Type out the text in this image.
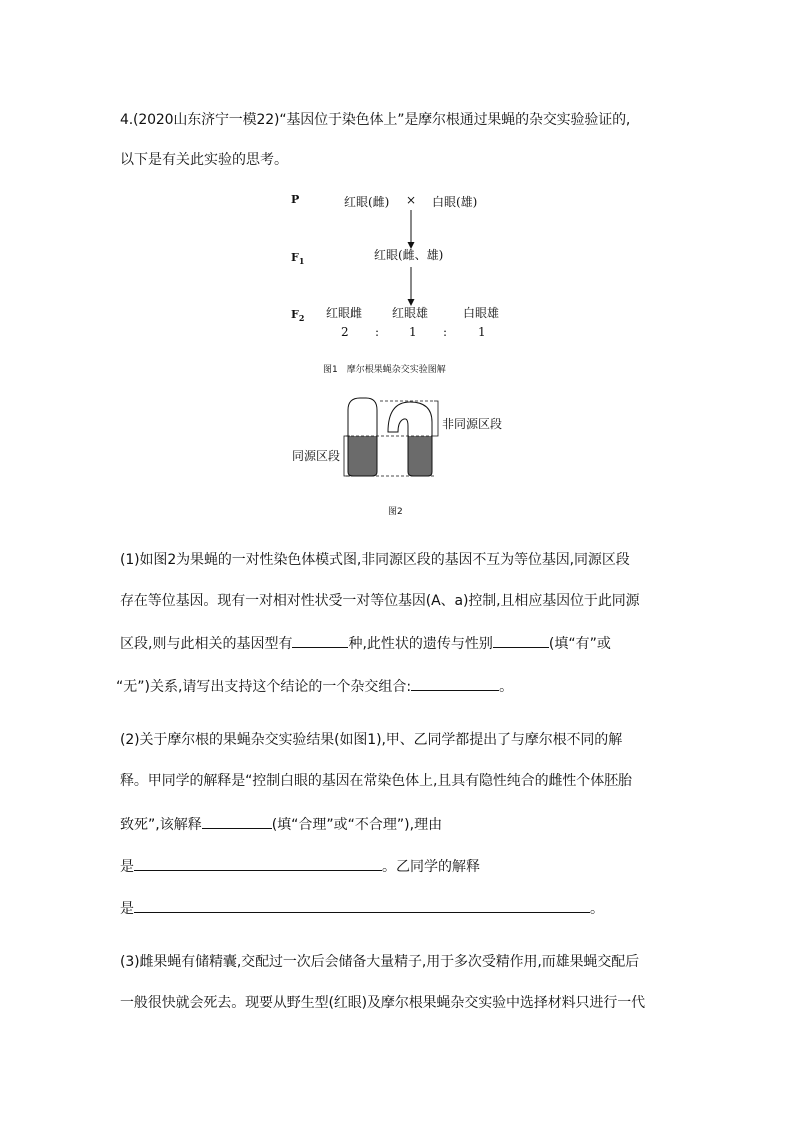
4.(2020山东济宁一模22)“基因位于染色体上”是摩尔根通过果蝇的杂交实验验证的,
以下是有关此实验的思考。
P
$F_1$
$F_2$
红眼(雌) × 白眼(雄)
红眼(雌、雄)
红眼雌 红眼雄	白眼雄
2 : 1 :	1
图1　摩尔根果蝇杂交实验图解
非同源区段
同源区段
图2
(1)如图2为果蝇的一对性染色体模式图,非同源区段的基因不互为等位基因,同源区段
存在等位基因。现有一对相对性状受一对等位基因(A、a)控制,且相应基因位于此同源
区段,则与此相关的基因型有	种,此性状的遗传与性别	(填“有”或
“无”)关系,请写出支持这个结论的一个杂交组合:	。
(2)关于摩尔根的果蝇杂交实验结果(如图1),甲、乙同学都提出了与摩尔根不同的解
释。甲同学的解释是“控制白眼的基因在常染色体上,且具有隐性纯合的雌性个体胚胎
致死”,该解释	(填“合理”或“不合理”),理由
是	。乙同学的解释
是	。
(3)雌果蝇有储精囊,交配过一次后会储备大量精子,用于多次受精作用,而雄果蝇交配后
一般很快就会死去。现要从野生型(红眼)及摩尔根果蝇杂交实验中选择材料只进行一代
